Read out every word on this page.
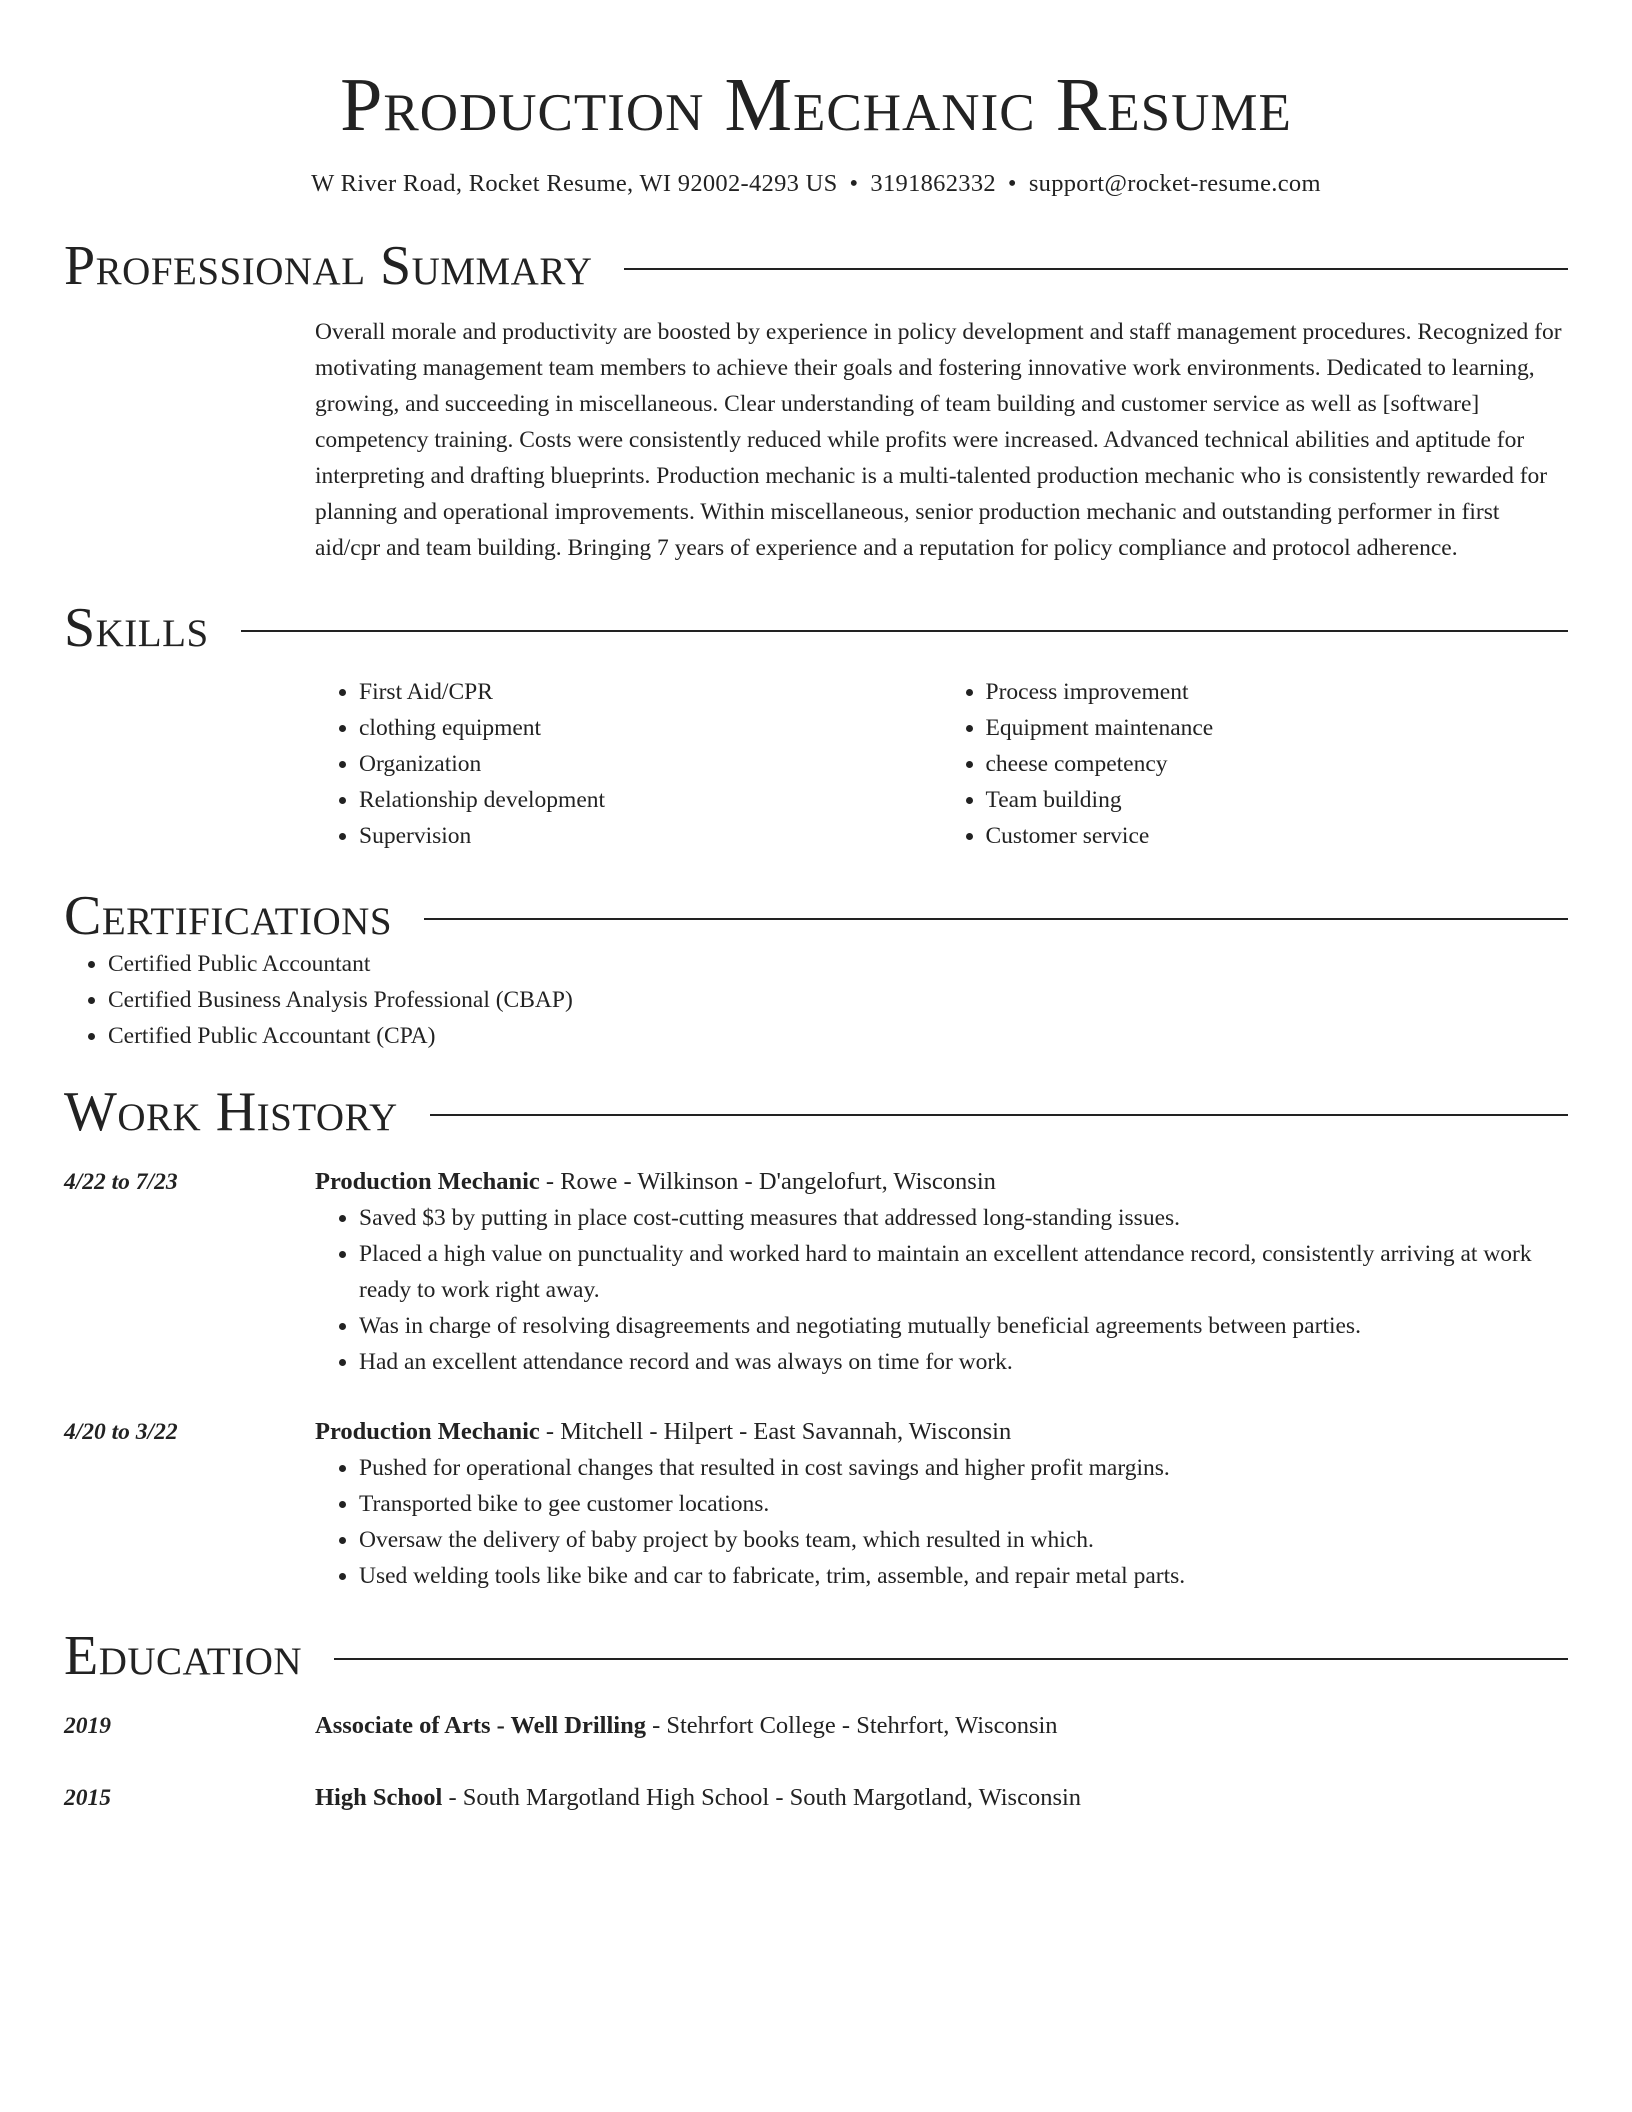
Production Mechanic Resume
W River Road, Rocket Resume, WI 92002-4293 US • 3191862332 • support@rocket-resume.com
Professional Summary

Overall morale and productivity are boosted by experience in policy development and staff management procedures. Recognized for motivating management team members to achieve their goals and fostering innovative work environments. Dedicated to learning, growing, and succeeding in miscellaneous. Clear understanding of team building and customer service as well as [software] competency training. Costs were consistently reduced while profits were increased. Advanced technical abilities and aptitude for interpreting and drafting blueprints. Production mechanic is a multi-talented production mechanic who is consistently rewarded for planning and operational improvements. Within miscellaneous, senior production mechanic and outstanding performer in first aid/cpr and team building. Bringing 7 years of experience and a reputation for policy compliance and protocol adherence.

Skills
• First Aid/CPR
• clothing equipment
• Organization
• Relationship development
• Supervision
• Process improvement
• Equipment maintenance
• cheese competency
• Team building
• Customer service
Certifications
• Certified Public Accountant
• Certified Business Analysis Professional (CBAP)
• Certified Public Accountant (CPA)
Work History
4/22 to 7/23	Production Mechanic - Rowe - Wilkinson - D'angelofurt, Wisconsin
• Saved $3 by putting in place cost-cutting measures that addressed long-standing issues.
• Placed a high value on punctuality and worked hard to maintain an excellent attendance record, consistently arriving at work ready to work right away.
• Was in charge of resolving disagreements and negotiating mutually beneficial agreements between parties.
• Had an excellent attendance record and was always on time for work.
4/20 to 3/22	Production Mechanic - Mitchell - Hilpert - East Savannah, Wisconsin
• Pushed for operational changes that resulted in cost savings and higher profit margins.
• Transported bike to gee customer locations.
• Oversaw the delivery of baby project by books team, which resulted in which.
• Used welding tools like bike and car to fabricate, trim, assemble, and repair metal parts.
Education
2019	Associate of Arts - Well Drilling - Stehrfort College - Stehrfort, Wisconsin
2015	High School - South Margotland High School - South Margotland, Wisconsin
